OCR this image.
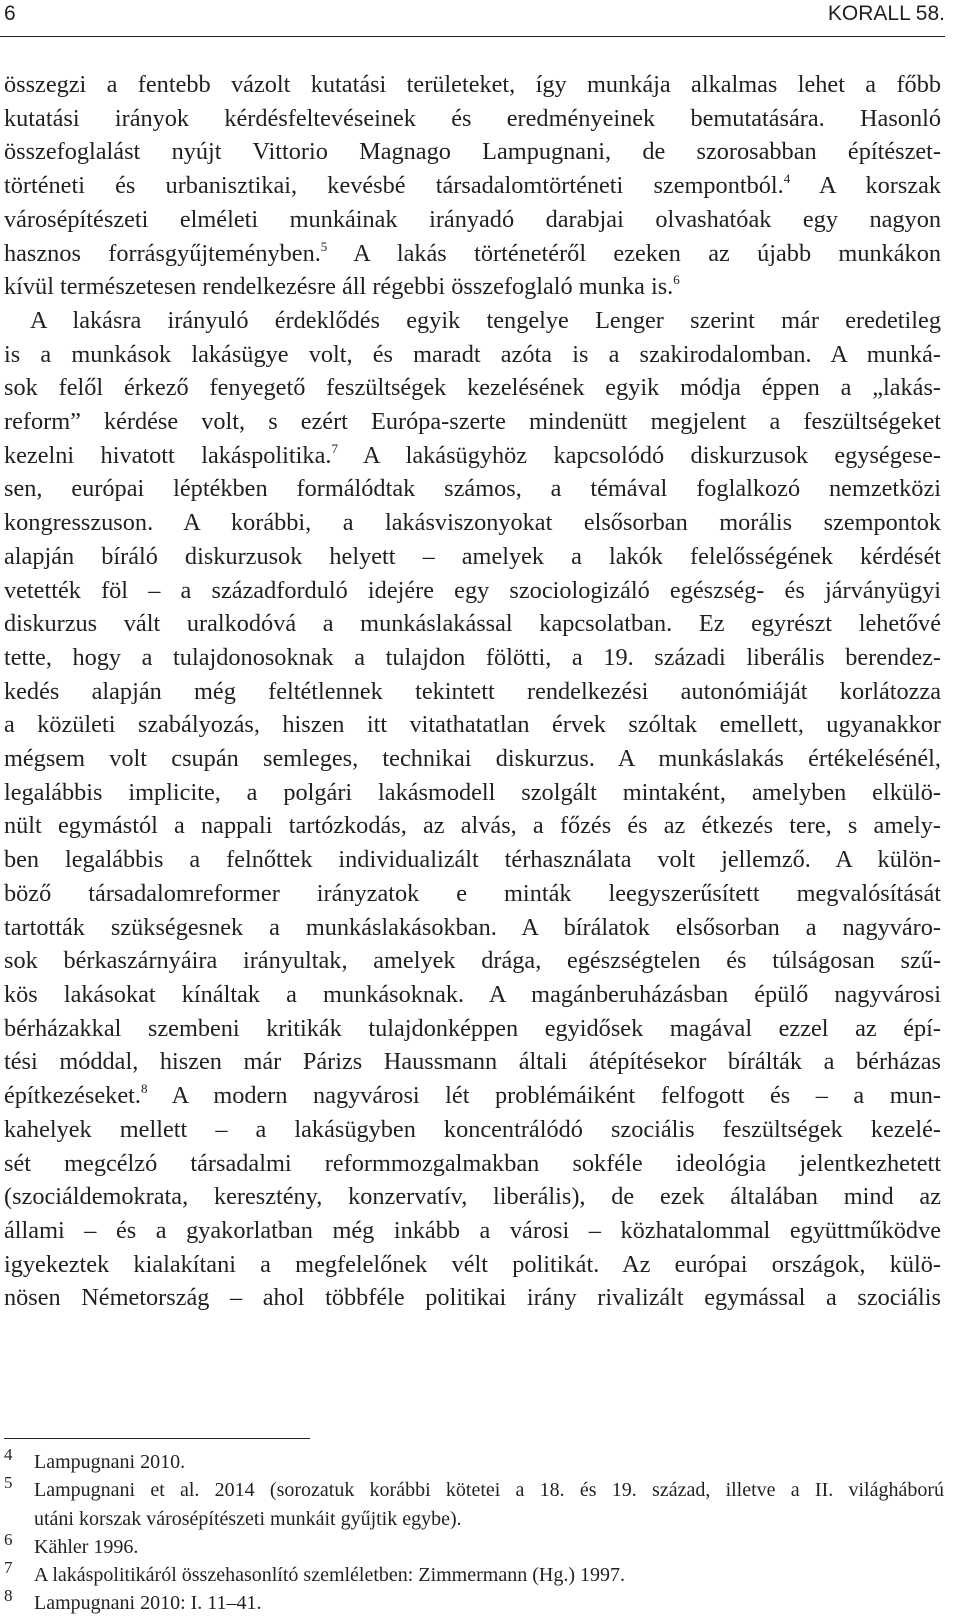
6	KORALL 58.
összegzi a fentebb vázolt kutatási területeket, így munkája alkalmas lehet a főbb
kutatási irányok kérdésfeltevéseinek és eredményeinek bemutatására. Hasonló
összefoglalást nyújt Vittorio Magnago Lampugnani, de szorosabban építészet-
történeti és urbanisztikai, kevésbé társadalomtörténeti szempontból.$^4$ A korszak
városépítészeti elméleti munkáinak irányadó darabjai olvashatóak egy nagyon
hasznos forrásgyűjteményben.$^5$ A lakás történetéről ezeken az újabb munkákon
kívül természetesen rendelkezésre áll régebbi összefoglaló munka is.$^6$
A lakásra irányuló érdeklődés egyik tengelye Lenger szerint már eredetileg
is a munkások lakásügye volt, és maradt azóta is a szakirodalomban. A munká-
sok felől érkező fenyegető feszültségek kezelésének egyik módja éppen a „lakás-
reform” kérdése volt, s ezért Európa-szerte mindenütt megjelent a feszültségeket
kezelni hivatott lakáspolitika.$^7$ A lakásügyhöz kapcsolódó diskurzusok egységese-
sen, európai léptékben formálódtak számos, a témával foglalkozó nemzetközi
kongresszuson. A korábbi, a lakásviszonyokat elsősorban morális szempontok
alapján bíráló diskurzusok helyett – amelyek a lakók felelősségének kérdését
vetették föl – a századforduló idejére egy szociologizáló egészség- és járványügyi
diskurzus vált uralkodóvá a munkáslakással kapcsolatban. Ez egyrészt lehetővé
tette, hogy a tulajdonosoknak a tulajdon fölötti, a 19. századi liberális berendez-
kedés alapján még feltétlennek tekintett rendelkezési autonómiáját korlátozza
a közületi szabályozás, hiszen itt vitathatatlan érvek szóltak emellett, ugyanakkor
mégsem volt csupán semleges, technikai diskurzus. A munkáslakás értékelésénél,
legalábbis implicite, a polgári lakásmodell szolgált mintaként, amelyben elkülö-
nült egymástól a nappali tartózkodás, az alvás, a főzés és az étkezés tere, s amely-
ben legalábbis a felnőttek individualizált térhasználata volt jellemző. A külön-
böző társadalomreformer irányzatok e minták leegyszerűsített megvalósítását
tartották szükségesnek a munkáslakásokban. A bírálatok elsősorban a nagyváro-
sok bérkaszárnyáira irányultak, amelyek drága, egészségtelen és túlságosan szű-
kös lakásokat kínáltak a munkásoknak. A magánberuházásban épülő nagyvárosi
bérházakkal szembeni kritikák tulajdonképpen egyidősek magával ezzel az épí-
tési móddal, hiszen már Párizs Haussmann általi átépítésekor bírálták a bérházas
építkezéseket.$^8$ A modern nagyvárosi lét problémáiként felfogott és – a mun-
kahelyek mellett – a lakásügyben koncentrálódó szociális feszültségek kezelé-
sét megcélzó társadalmi reformmozgalmakban sokféle ideológia jelentkezhetett
(szociáldemokrata, keresztény, konzervatív, liberális), de ezek általában mind az
állami – és a gyakorlatban még inkább a városi – közhatalommal együttműködve
igyekeztek kialakítani a megfelelőnek vélt politikát. Az európai országok, külö-
nösen Németország – ahol többféle politikai irány rivalizált egymással a szociális
4 Lampugnani 2010.
5 Lampugnani et al. 2014 (sorozatuk korábbi kötetei a 18. és 19. század, illetve a II. világháború
utáni korszak városépítészeti munkáit gyűjtik egybe).
6 Kähler 1996.
7 A lakáspolitikáról összehasonlító szemléletben: Zimmermann (Hg.) 1997.
8 Lampugnani 2010: I. 11–41.
